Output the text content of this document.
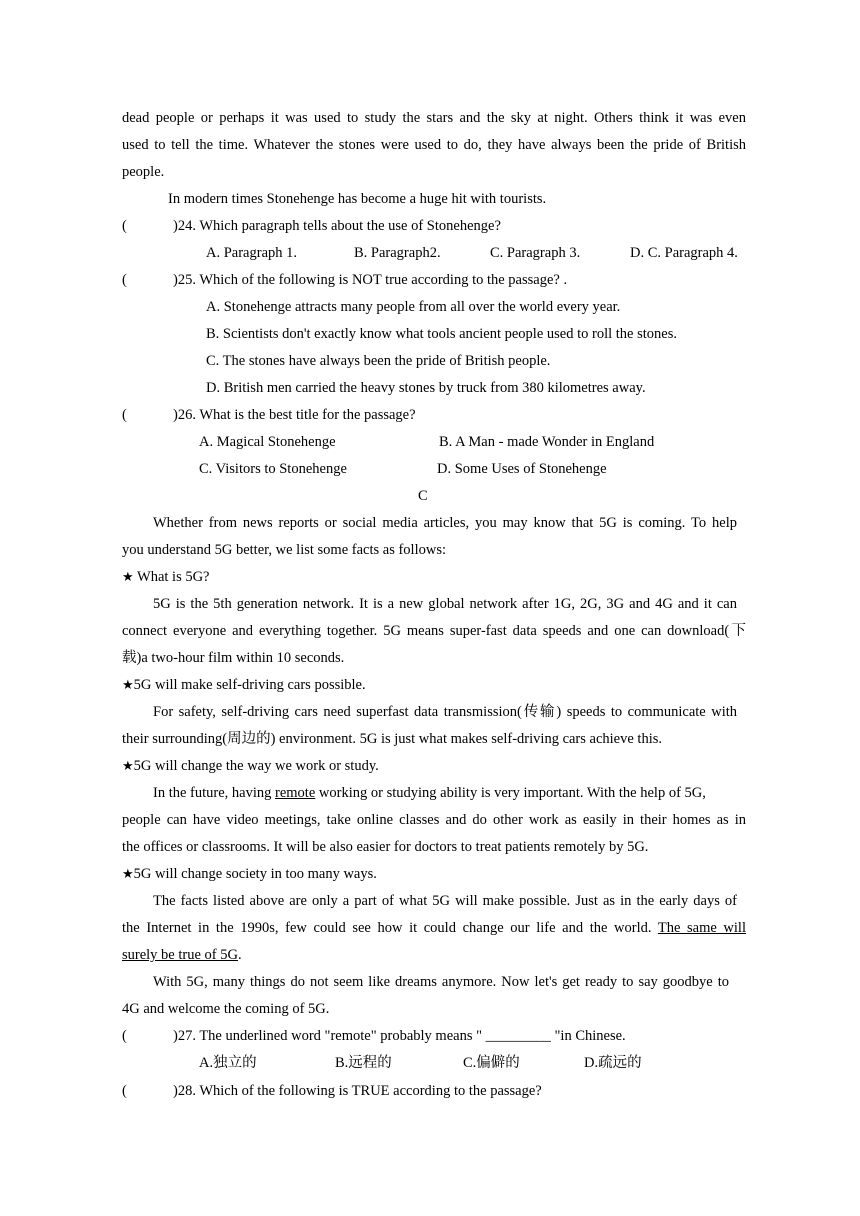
dead people or perhaps it was used to study the stars and the sky at night. Others think it was even
used to tell the time. Whatever the stones were used to do, they have always been the pride of British
people.
In modern times Stonehenge has become a huge hit with tourists.
(	)24. Which paragraph tells about the use of Stonehenge?
A. Paragraph 1.	B. Paragraph2.	C. Paragraph 3.	D. C. Paragraph 4.
(	)25. Which of the following is NOT true according to the passage? .
A. Stonehenge attracts many people from all over the world every year.
B. Scientists don't exactly know what tools ancient people used to roll the stones.
C. The stones have always been the pride of British people.
D. British men carried the heavy stones by truck from 380 kilometres away.
(	)26. What is the best title for the passage?
A. Magical Stonehenge	B. A Man - made Wonder in England
C. Visitors to Stonehenge	D. Some Uses of Stonehenge
C
Whether from news reports or social media articles, you may know that 5G is coming. To help
you understand 5G better, we list some facts as follows:
★ What is 5G?
5G is the 5th generation network. It is a new global network after 1G, 2G, 3G and 4G and it can
connect everyone and everything together. 5G means super-fast data speeds and one can download(下
载)a two-hour film within 10 seconds.
★5G will make self-driving cars possible.
For safety, self-driving cars need superfast data transmission(传输) speeds to communicate with
their surrounding(周边的) environment. 5G is just what makes self-driving cars achieve this.
★5G will change the way we work or study.
In the future, having remote working or studying ability is very important. With the help of 5G,
people can have video meetings, take online classes and do other work as easily in their homes as in
the offices or classrooms. It will be also easier for doctors to treat patients remotely by 5G.
★5G will change society in too many ways.
The facts listed above are only a part of what 5G will make possible. Just as in the early days of
the Internet in the 1990s, few could see how it could change our life and the world. The same will
surely be true of 5G.
With 5G, many things do not seem like dreams anymore. Now let's get ready to say goodbye to
4G and welcome the coming of 5G.
(	)27. The underlined word "remote" probably means " _________ "in Chinese.
A.独立的	B.远程的	C.偏僻的	D.疏远的
(	)28. Which of the following is TRUE according to the passage?
